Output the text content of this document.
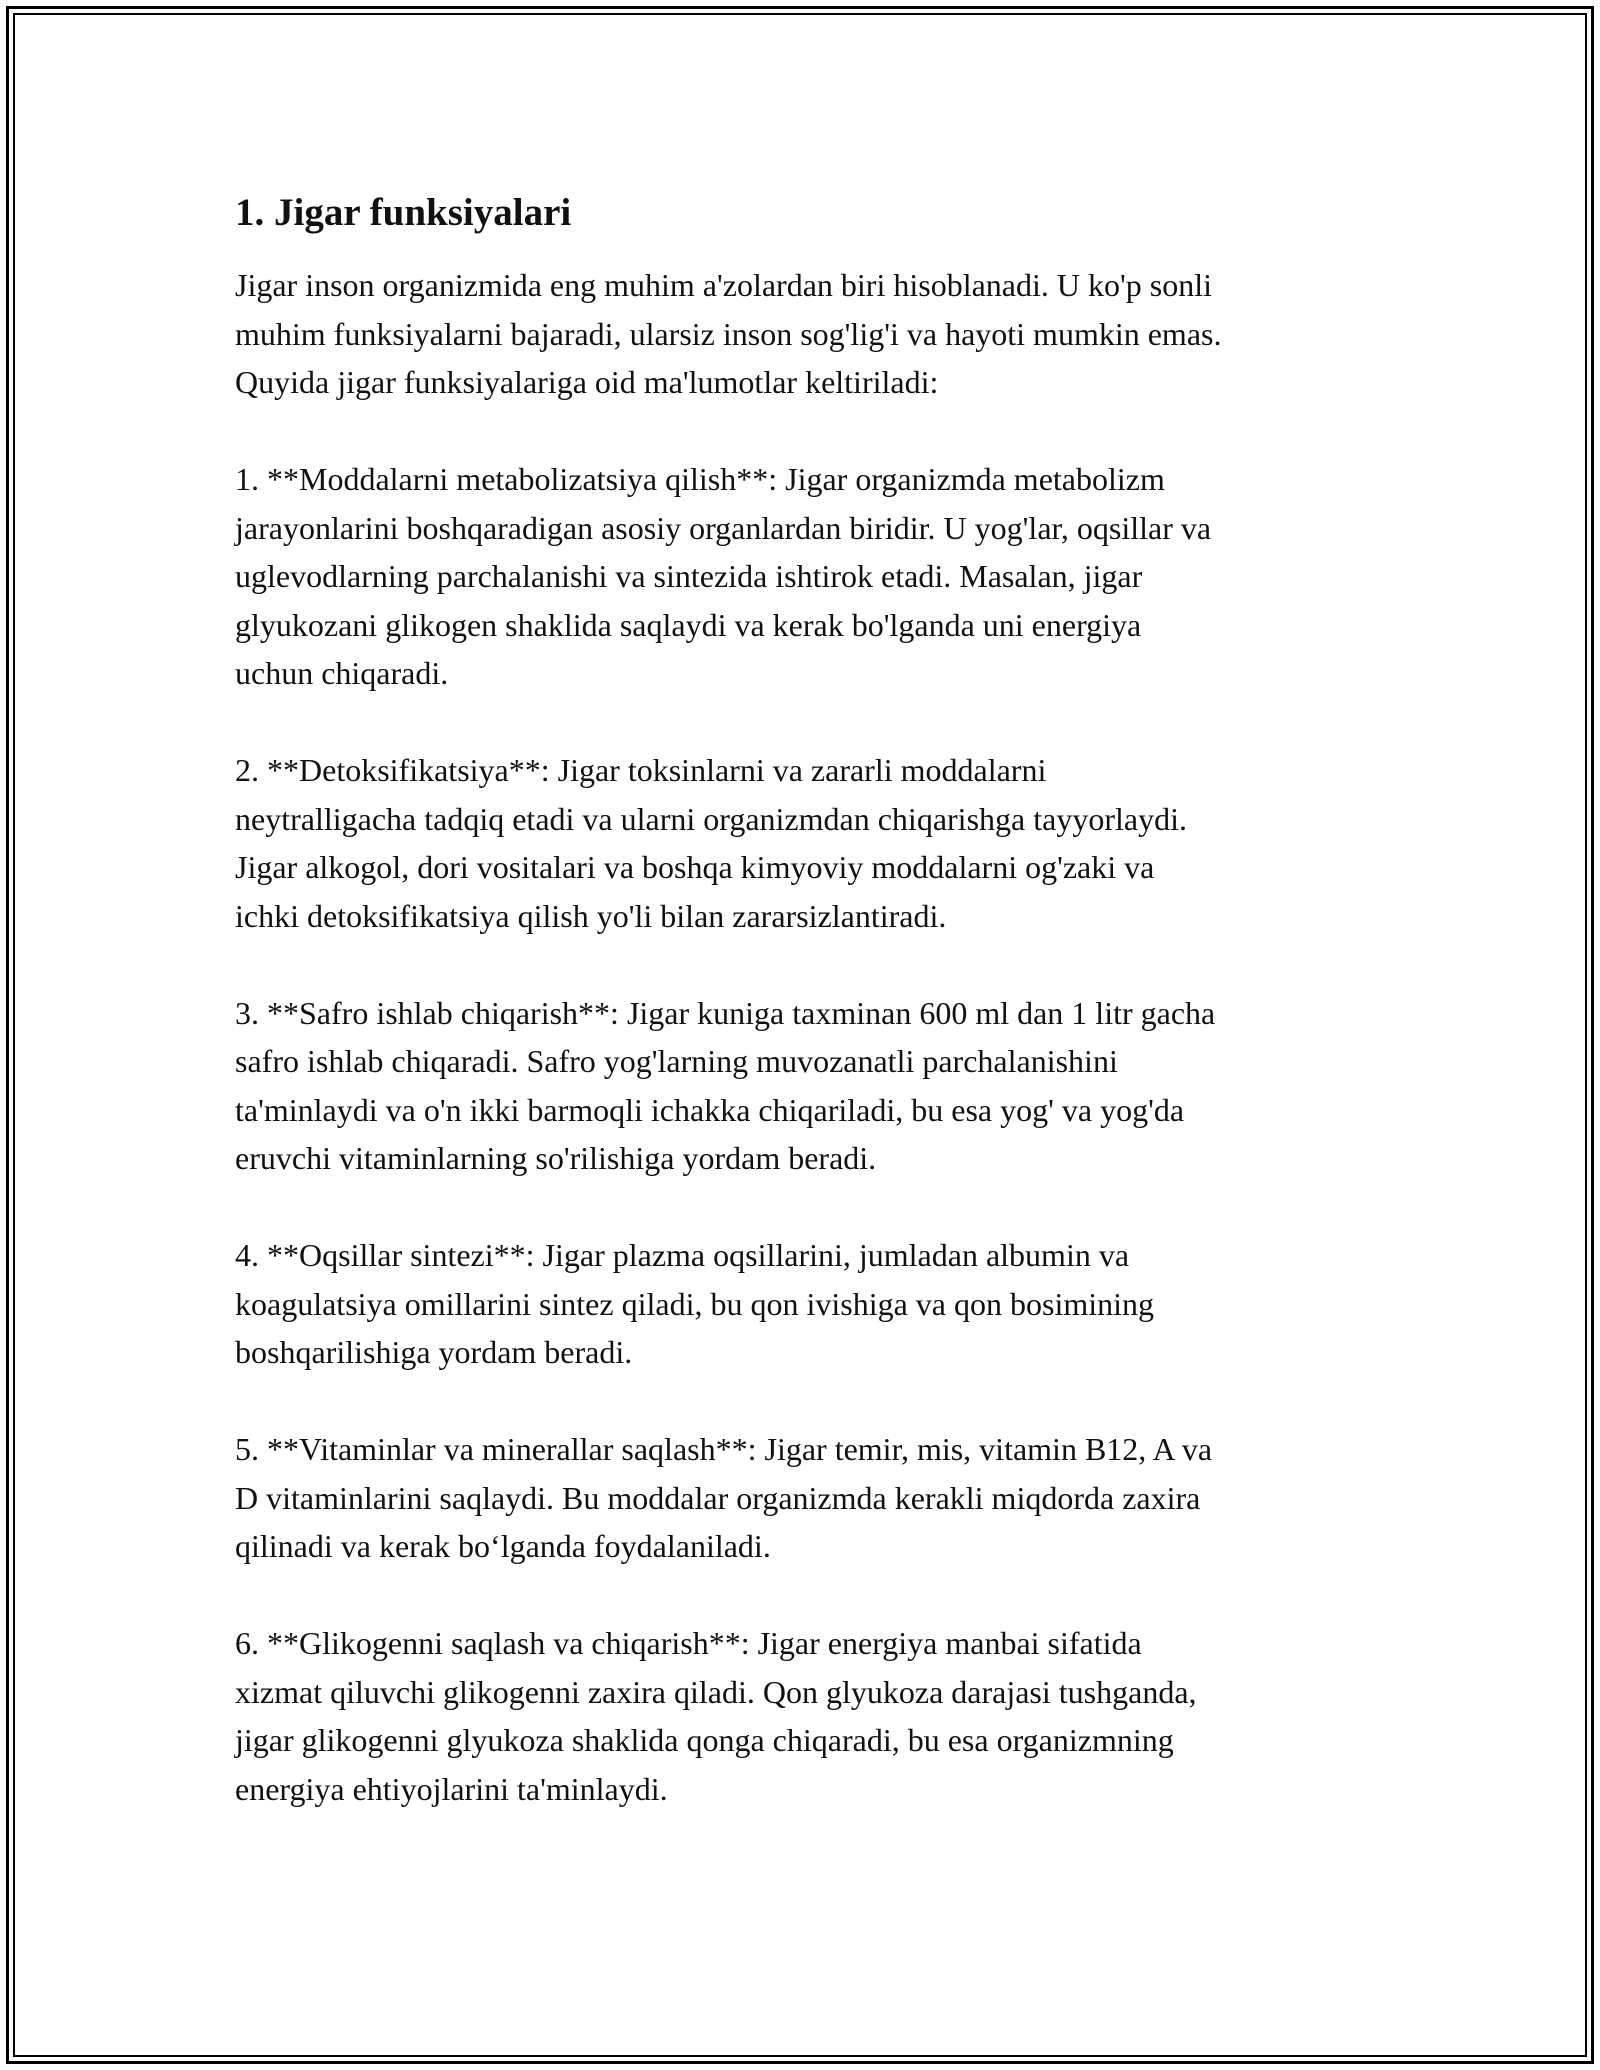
1. Jigar funksiyalari

Jigar inson organizmida eng muhim a'zolardan biri hisoblanadi. U ko'p sonli
muhim funksiyalarni bajaradi, ularsiz inson sog'lig'i va hayoti mumkin emas.
Quyida jigar funksiyalariga oid ma'lumotlar keltiriladi:

1. **Moddalarni metabolizatsiya qilish**: Jigar organizmda metabolizm
jarayonlarini boshqaradigan asosiy organlardan biridir. U yog'lar, oqsillar va
uglevodlarning parchalanishi va sintezida ishtirok etadi. Masalan, jigar
glyukozani glikogen shaklida saqlaydi va kerak bo'lganda uni energiya
uchun chiqaradi.

2. **Detoksifikatsiya**: Jigar toksinlarni va zararli moddalarni
neytralligacha tadqiq etadi va ularni organizmdan chiqarishga tayyorlaydi.
Jigar alkogol, dori vositalari va boshqa kimyoviy moddalarni og'zaki va
ichki detoksifikatsiya qilish yo'li bilan zararsizlantiradi.

3. **Safro ishlab chiqarish**: Jigar kuniga taxminan 600 ml dan 1 litr gacha
safro ishlab chiqaradi. Safro yog'larning muvozanatli parchalanishini
ta'minlaydi va o'n ikki barmoqli ichakka chiqariladi, bu esa yog' va yog'da
eruvchi vitaminlarning so'rilishiga yordam beradi.

4. **Oqsillar sintezi**: Jigar plazma oqsillarini, jumladan albumin va
koagulatsiya omillarini sintez qiladi, bu qon ivishiga va qon bosimining
boshqarilishiga yordam beradi.

5. **Vitaminlar va minerallar saqlash**: Jigar temir, mis, vitamin B12, A va
D vitaminlarini saqlaydi. Bu moddalar organizmda kerakli miqdorda zaxira
qilinadi va kerak bo‘lganda foydalaniladi.

6. **Glikogenni saqlash va chiqarish**: Jigar energiya manbai sifatida
xizmat qiluvchi glikogenni zaxira qiladi. Qon glyukoza darajasi tushganda,
jigar glikogenni glyukoza shaklida qonga chiqaradi, bu esa organizmning
energiya ehtiyojlarini ta'minlaydi.
